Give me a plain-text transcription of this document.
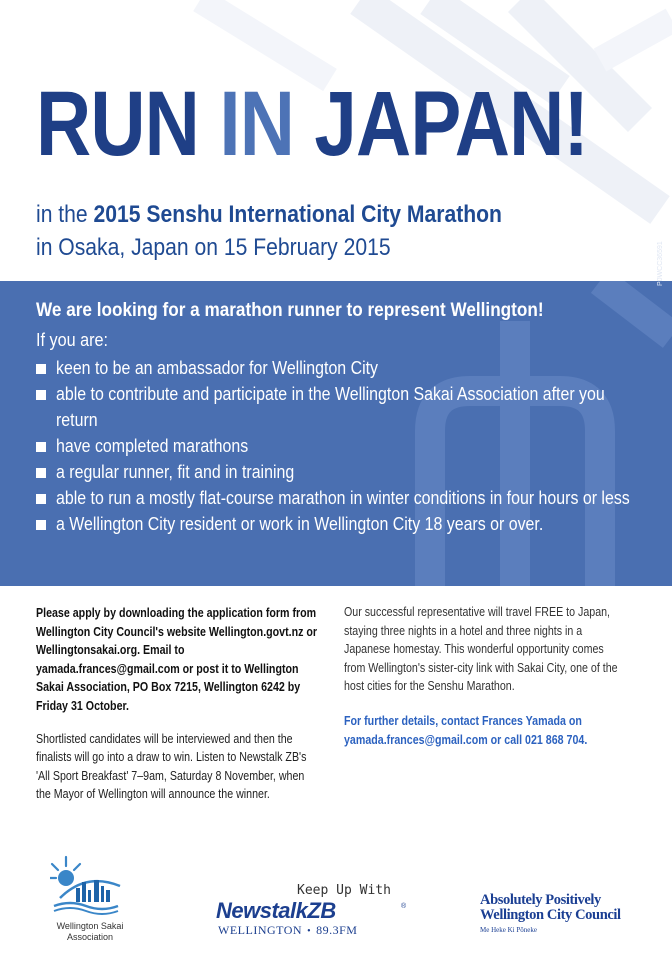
RUN IN JAPAN!

in the 2015 Senshu International City Marathon

in Osaka, Japan on 15 February 2015

We are looking for a marathon runner to represent Wellington!
If you are:
keen to be an ambassador for Wellington City
able to contribute and participate in the Wellington Sakai Association after you return
have completed marathons
a regular runner, fit and in training
able to run a mostly flat-course marathon in winter conditions in four hours or less
a Wellington City resident or work in Wellington City 18 years or over.
P0WCC36591

Please apply by downloading the application form from Wellington City Council's website Wellington.govt.nz or Wellingtonsakai.org. Email to yamada.frances@gmail.com or post it to Wellington Sakai Association, PO Box 7215, Wellington 6242 by Friday 31 October.

Shortlisted candidates will be interviewed and then the finalists will go into a draw to win. Listen to Newstalk ZB's 'All Sport Breakfast' 7–9am, Saturday 8 November, when the Mayor of Wellington will announce the winner.

Our successful representative will travel FREE to Japan, staying three nights in a hotel and three nights in a Japanese homestay. This wonderful opportunity comes from Wellington's sister-city link with Sakai City, one of the host cities for the Senshu Marathon.

For further details, contact Frances Yamada on yamada.frances@gmail.com or call 021 868 704.

Wellington Sakai
Association
Keep Up With
NewstalkZB	®
WELLINGTON • 89.3FM
Absolutely Positively
Wellington City Council
Me Heke Ki Pōneke
